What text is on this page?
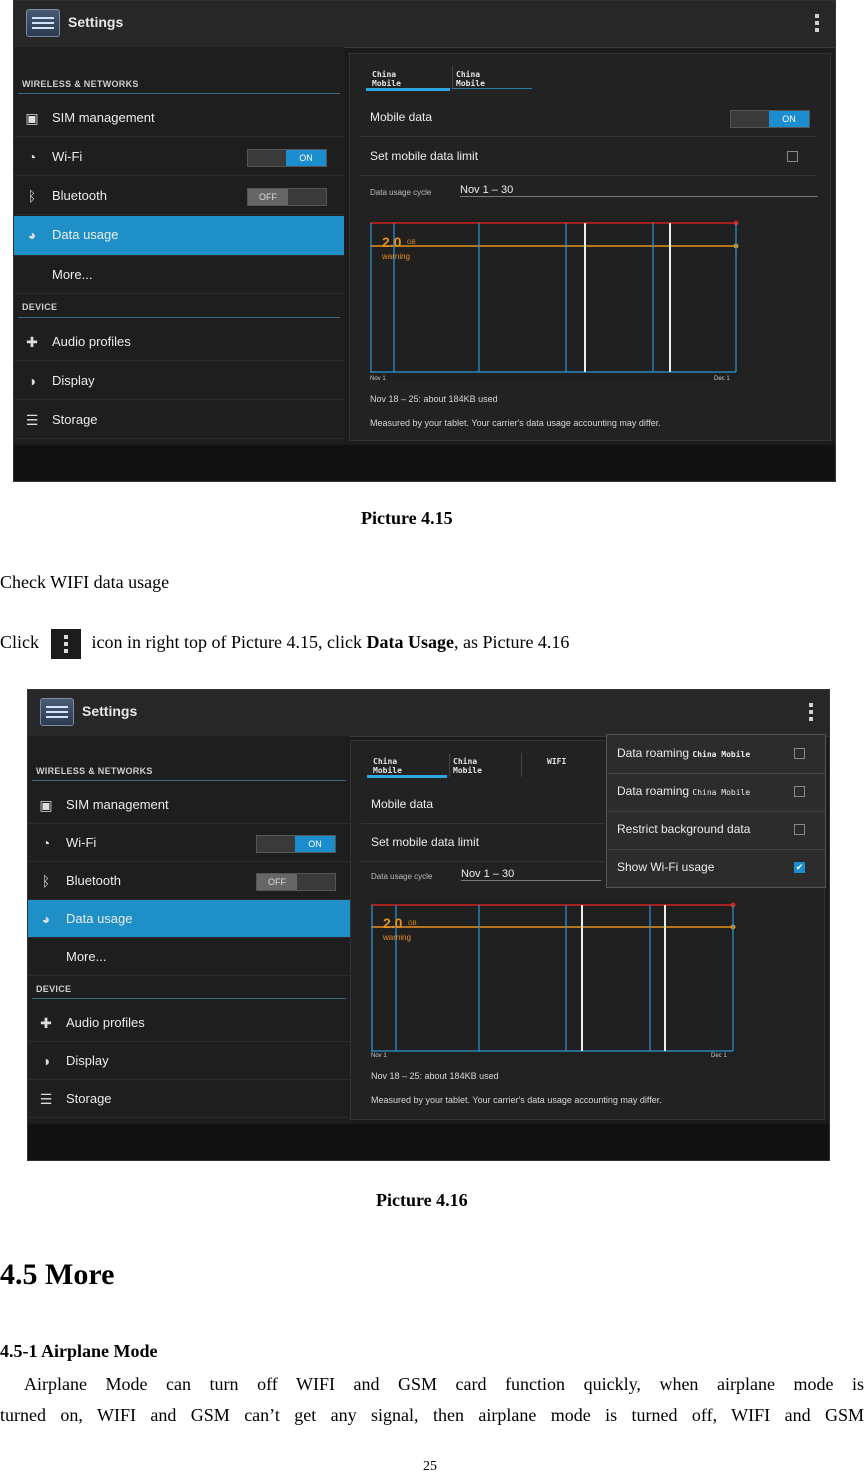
Settings
WIRELESS & NETWORKS
▣ SIM management
◔ Wi-Fi	ON
ᛒ Bluetooth	OFF
◕ Data usage
More...
DEVICE
✚ Audio profiles
◑ Display
☰ Storage
China Mobile
China Mobile
Mobile data	ON
Set mobile data limit
Data usage cycle	Nov 1 – 30
2.0 GB
warning
Nov 1	Dec 1
Nov 18 – 25: about 184KB used
Measured by your tablet. Your carrier's data usage accounting may differ.
Picture 4.15
Check WIFI data usage
Click	icon in right top of Picture 4.15, click Data Usage, as Picture 4.16
Settings
WIRELESS & NETWORKS
▣ SIM management
◔ Wi-Fi	ON
ᛒ Bluetooth	OFF
◕ Data usage
More...
DEVICE
✚ Audio profiles
◑ Display
☰ Storage
China Mobile
China Mobile
WIFI
Mobile data
Set mobile data limit
Data usage cycle	Nov 1 – 30
2.0 GB
warning
Nov 1	Dec 1
Nov 18 – 25: about 184KB used
Measured by your tablet. Your carrier's data usage accounting may differ.
Data roaming China Mobile
Data roaming China Mobile
Restrict background data
Show Wi-Fi usage	✔
Picture 4.16
4.5 More
4.5-1 Airplane Mode
Airplane Mode can turn off WIFI and GSM card function quickly, when airplane mode is
turned on, WIFI and GSM can’t get any signal, then airplane mode is turned off, WIFI and GSM
25
